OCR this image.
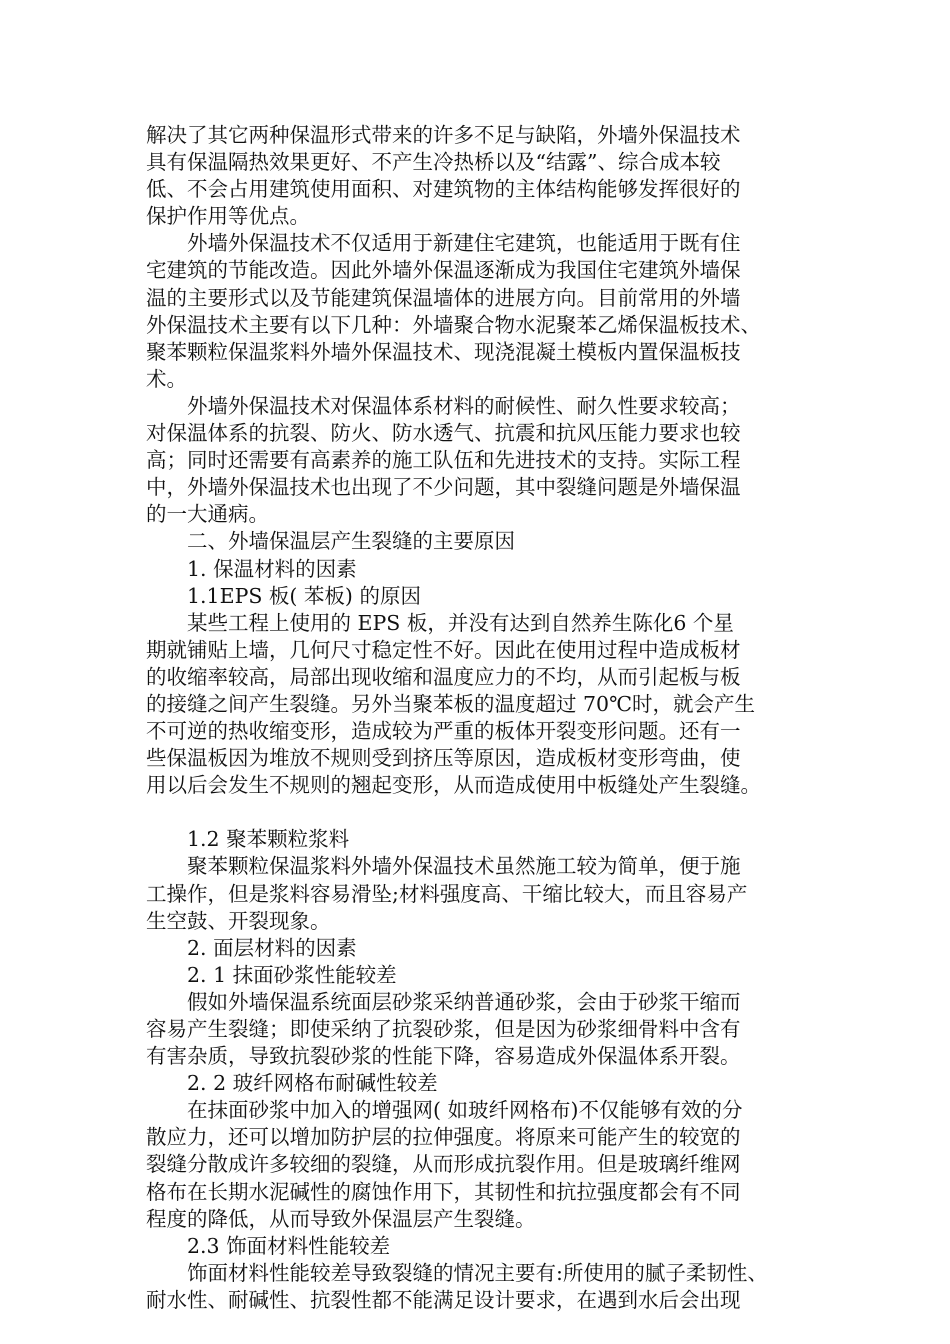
解决了其它两种保温形式带来的许多不足与缺陷，外墙外保温技术

具有保温隔热效果更好、不产生冷热桥以及“结露”、综合成本较

低、不会占用建筑使用面积、对建筑物的主体结构能够发挥很好的

保护作用等优点。

　　外墙外保温技术不仅适用于新建住宅建筑，也能适用于既有住

宅建筑的节能改造。因此外墙外保温逐渐成为我国住宅建筑外墙保

温的主要形式以及节能建筑保温墙体的进展方向。目前常用的外墙

外保温技术主要有以下几种：外墙聚合物水泥聚苯乙烯保温板技术、

聚苯颗粒保温浆料外墙外保温技术、现浇混凝土模板内置保温板技

术。

　　外墙外保温技术对保温体系材料的耐候性、耐久性要求较高；

对保温体系的抗裂、防火、防水透气、抗震和抗风压能力要求也较

高；同时还需要有高素养的施工队伍和先进技术的支持。实际工程

中，外墙外保温技术也出现了不少问题，其中裂缝问题是外墙保温

的一大通病。

　　二、外墙保温层产生裂缝的主要原因

　　1. 保温材料的因素

　　1.1EPS 板( 苯板) 的原因

　　某些工程上使用的 EPS 板，并没有达到自然养生陈化6 个星

期就铺贴上墙，几何尺寸稳定性不好。因此在使用过程中造成板材

的收缩率较高，局部出现收缩和温度应力的不均，从而引起板与板

的接缝之间产生裂缝。另外当聚苯板的温度超过 70℃时，就会产生

不可逆的热收缩变形，造成较为严重的板体开裂变形问题。还有一

些保温板因为堆放不规则受到挤压等原因，造成板材变形弯曲，使

用以后会发生不规则的翘起变形，从而造成使用中板缝处产生裂缝。

　　1.2 聚苯颗粒浆料

　　聚苯颗粒保温浆料外墙外保温技术虽然施工较为简单，便于施

工操作，但是浆料容易滑坠;材料强度高、干缩比较大，而且容易产

生空鼓、开裂现象。

　　2. 面层材料的因素

　　2. 1 抹面砂浆性能较差

　　假如外墙保温系统面层砂浆采纳普通砂浆，会由于砂浆干缩而

容易产生裂缝；即使采纳了抗裂砂浆，但是因为砂浆细骨料中含有

有害杂质，导致抗裂砂浆的性能下降，容易造成外保温体系开裂。

　　2. 2 玻纤网格布耐碱性较差

　　在抹面砂浆中加入的增强网( 如玻纤网格布)不仅能够有效的分

散应力，还可以增加防护层的拉伸强度。将原来可能产生的较宽的

裂缝分散成许多较细的裂缝，从而形成抗裂作用。但是玻璃纤维网

格布在长期水泥碱性的腐蚀作用下，其韧性和抗拉强度都会有不同

程度的降低，从而导致外保温层产生裂缝。

　　2.3 饰面材料性能较差

　　饰面材料性能较差导致裂缝的情况主要有:所使用的腻子柔韧性、

耐水性、耐碱性、抗裂性都不能满足设计要求，在遇到水后会出现
